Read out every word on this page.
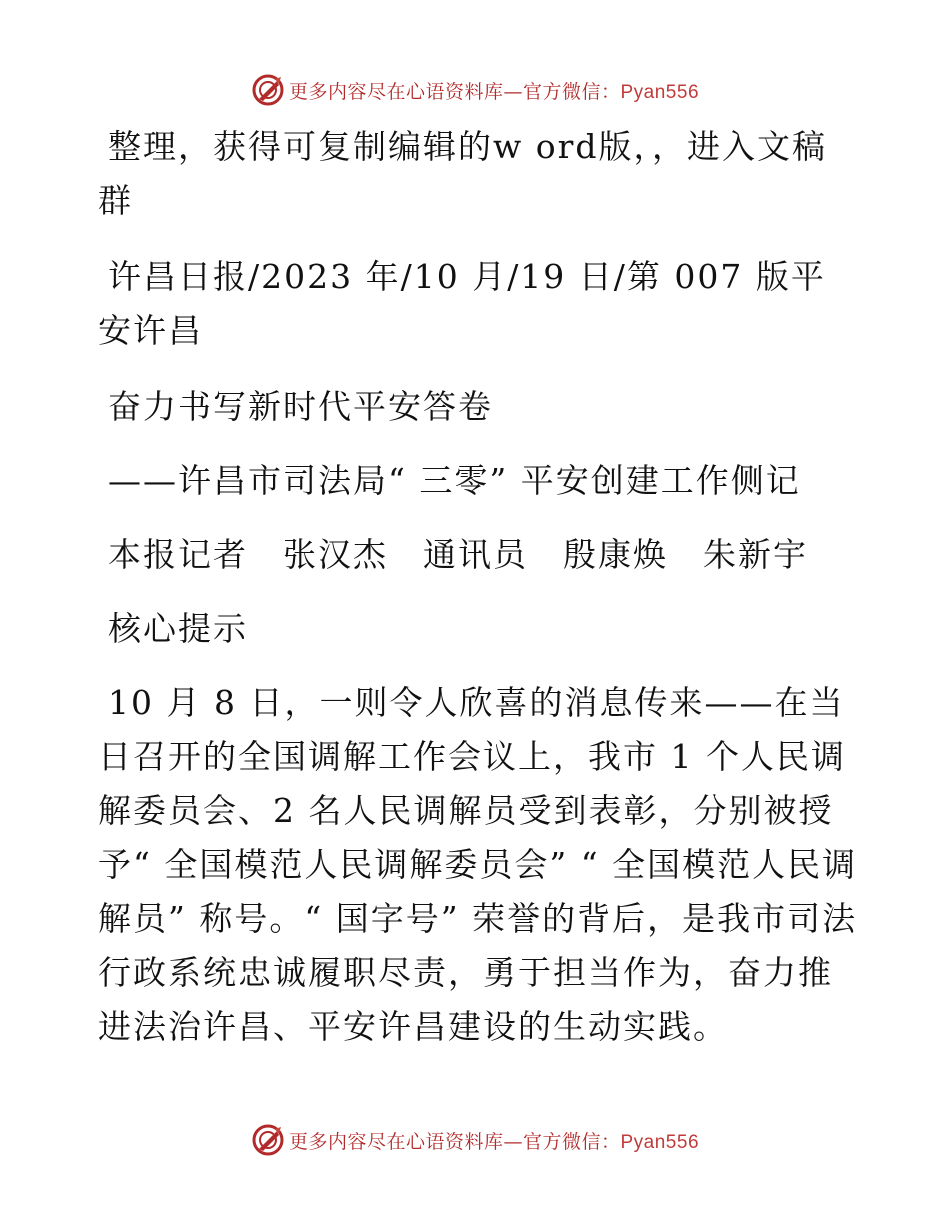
更多内容尽在心语资料库—官方微信：Pyan556

整理，获得可复制编辑的w ord版，，进入文稿群

许昌日报/2023 年/10 月/19 日/第 007 版平安许昌

奋力书写新时代平安答卷

——许昌市司法局“ 三零” 平安创建工作侧记

本报记者　张汉杰　通讯员　殷康焕　朱新宇

核心提示

10 月 8 日，一则令人欣喜的消息传来——在当日召开的全国调解工作会议上，我市 1 个人民调解委员会、2 名人民调解员受到表彰，分别被授予“ 全国模范人民调解委员会” “ 全国模范人民调解员” 称号。“ 国字号” 荣誉的背后，是我市司法行政系统忠诚履职尽责，勇于担当作为，奋力推进法治许昌、平安许昌建设的生动实践。

更多内容尽在心语资料库—官方微信：Pyan556
